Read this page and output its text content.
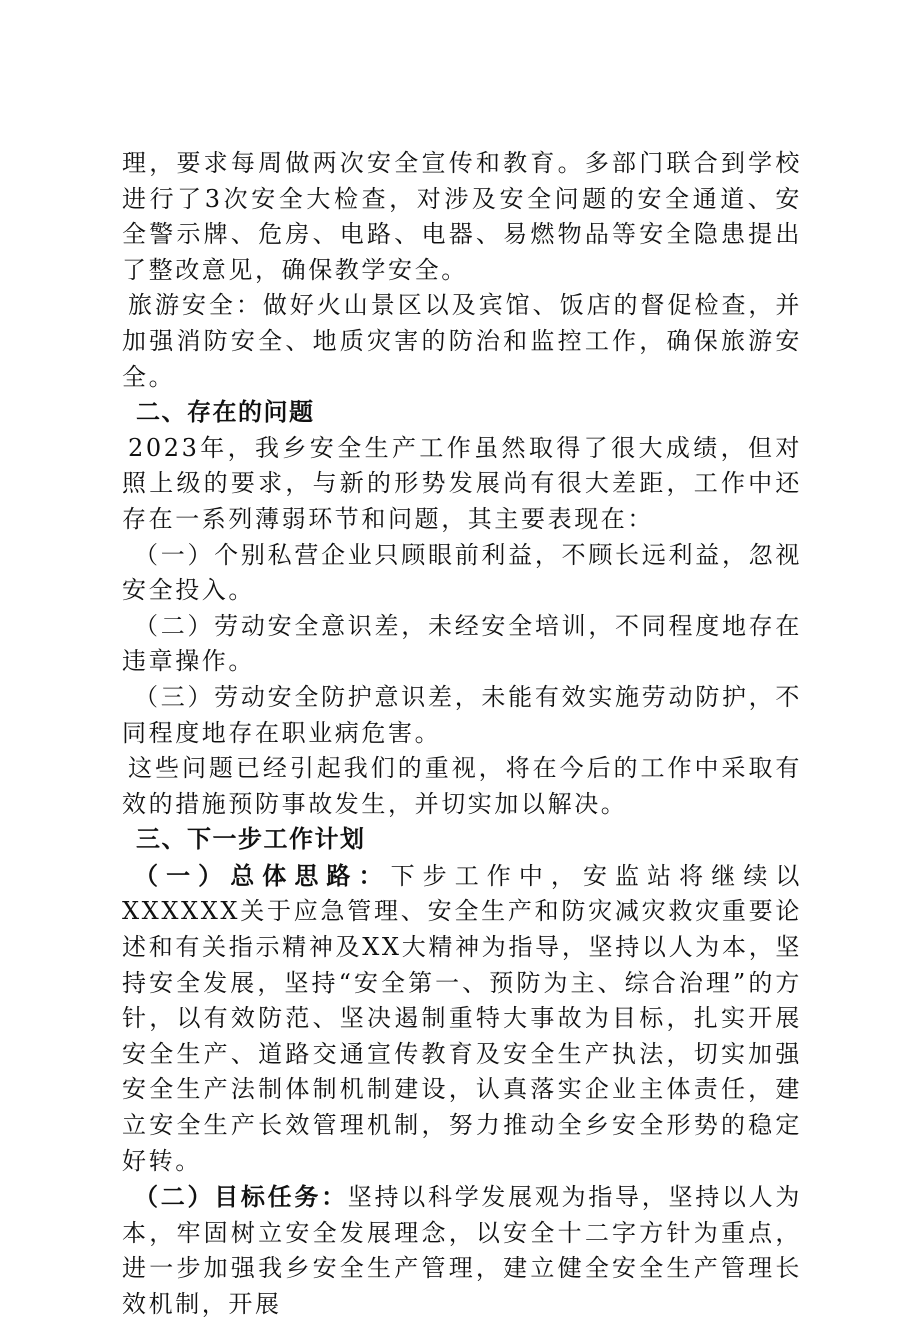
理，要求每周做两次安全宣传和教育。多部门联合到学校进行了3次安全大检查，对涉及安全问题的安全通道、安全警示牌、危房、电路、电器、易燃物品等安全隐患提出了整改意见，确保教学安全。

旅游安全：做好火山景区以及宾馆、饭店的督促检查，并加强消防安全、地质灾害的防治和监控工作，确保旅游安全。

二、存在的问题

2023年，我乡安全生产工作虽然取得了很大成绩，但对照上级的要求，与新的形势发展尚有很大差距，工作中还存在一系列薄弱环节和问题，其主要表现在：

（一）个别私营企业只顾眼前利益，不顾长远利益，忽视安全投入。

（二）劳动安全意识差，未经安全培训，不同程度地存在违章操作。

（三）劳动安全防护意识差，未能有效实施劳动防护，不同程度地存在职业病危害。

这些问题已经引起我们的重视，将在今后的工作中采取有效的措施预防事故发生，并切实加以解决。

三、下一步工作计划

（一）总体思路：下步工作中，安监站将继续以XXXXXX关于应急管理、安全生产和防灾减灾救灾重要论述和有关指示精神及XX大精神为指导，坚持以人为本，坚持安全发展，坚持“安全第一、预防为主、综合治理”的方针，以有效防范、坚决遏制重特大事故为目标，扎实开展安全生产、道路交通宣传教育及安全生产执法，切实加强安全生产法制体制机制建设，认真落实企业主体责任，建立安全生产长效管理机制，努力推动全乡安全形势的稳定好转。

（二）目标任务：坚持以科学发展观为指导，坚持以人为本，牢固树立安全发展理念，以安全十二字方针为重点，进一步加强我乡安全生产管理，建立健全安全生产管理长效机制，开展
